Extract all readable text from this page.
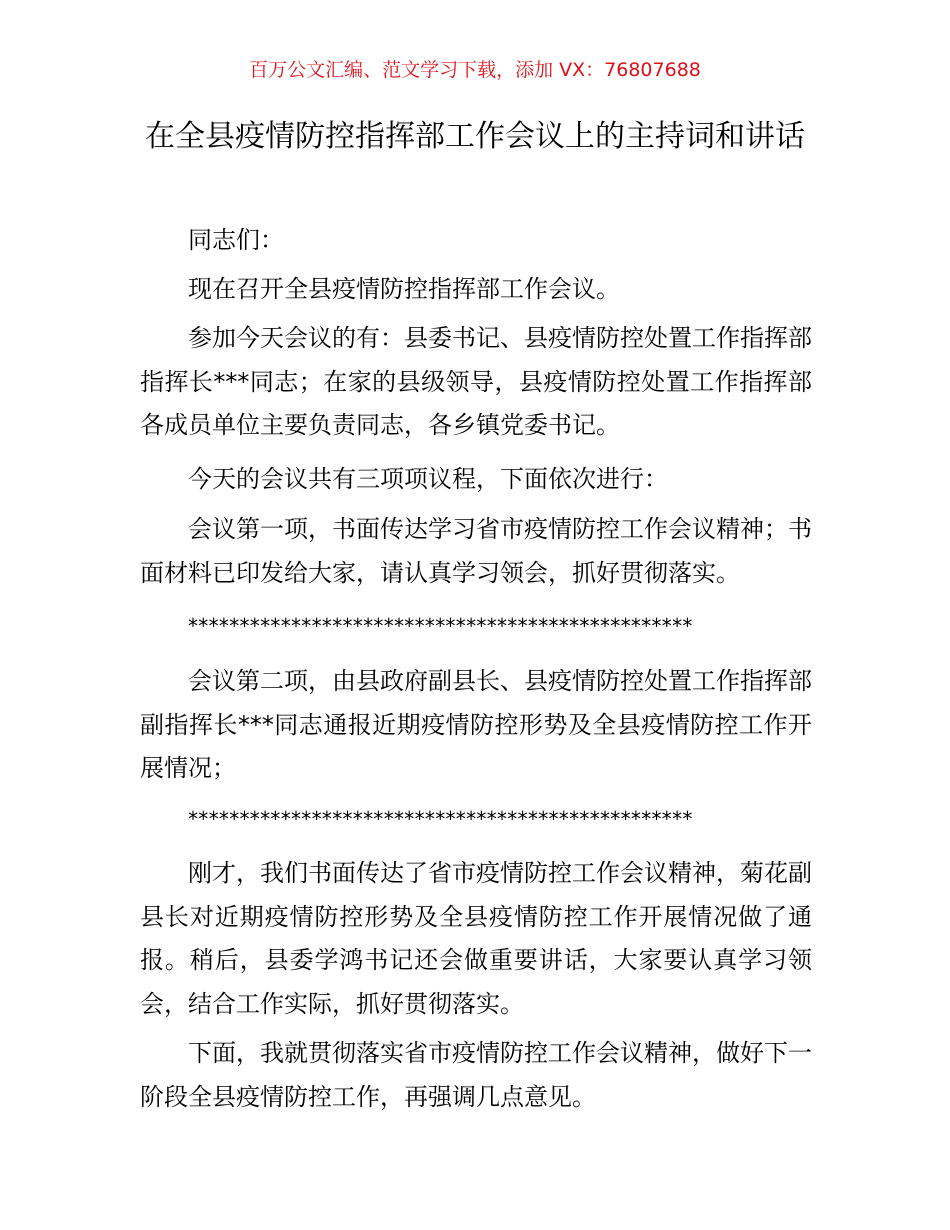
百万公文汇编、范文学习下载，添加 VX：76807688
在全县疫情防控指挥部工作会议上的主持词和讲话

同志们：

现在召开全县疫情防控指挥部工作会议。

参加今天会议的有：县委书记、县疫情防控处置工作指挥部指挥长***同志；在家的县级领导，县疫情防控处置工作指挥部各成员单位主要负责同志，各乡镇党委书记。

今天的会议共有三项项议程，下面依次进行：

会议第一项，书面传达学习省市疫情防控工作会议精神；书面材料已印发给大家，请认真学习领会，抓好贯彻落实。

*************************************************

会议第二项，由县政府副县长、县疫情防控处置工作指挥部副指挥长***同志通报近期疫情防控形势及全县疫情防控工作开展情况；

*************************************************

刚才，我们书面传达了省市疫情防控工作会议精神，菊花副县长对近期疫情防控形势及全县疫情防控工作开展情况做了通报。稍后，县委学鸿书记还会做重要讲话，大家要认真学习领会，结合工作实际，抓好贯彻落实。

下面，我就贯彻落实省市疫情防控工作会议精神，做好下一阶段全县疫情防控工作，再强调几点意见。
